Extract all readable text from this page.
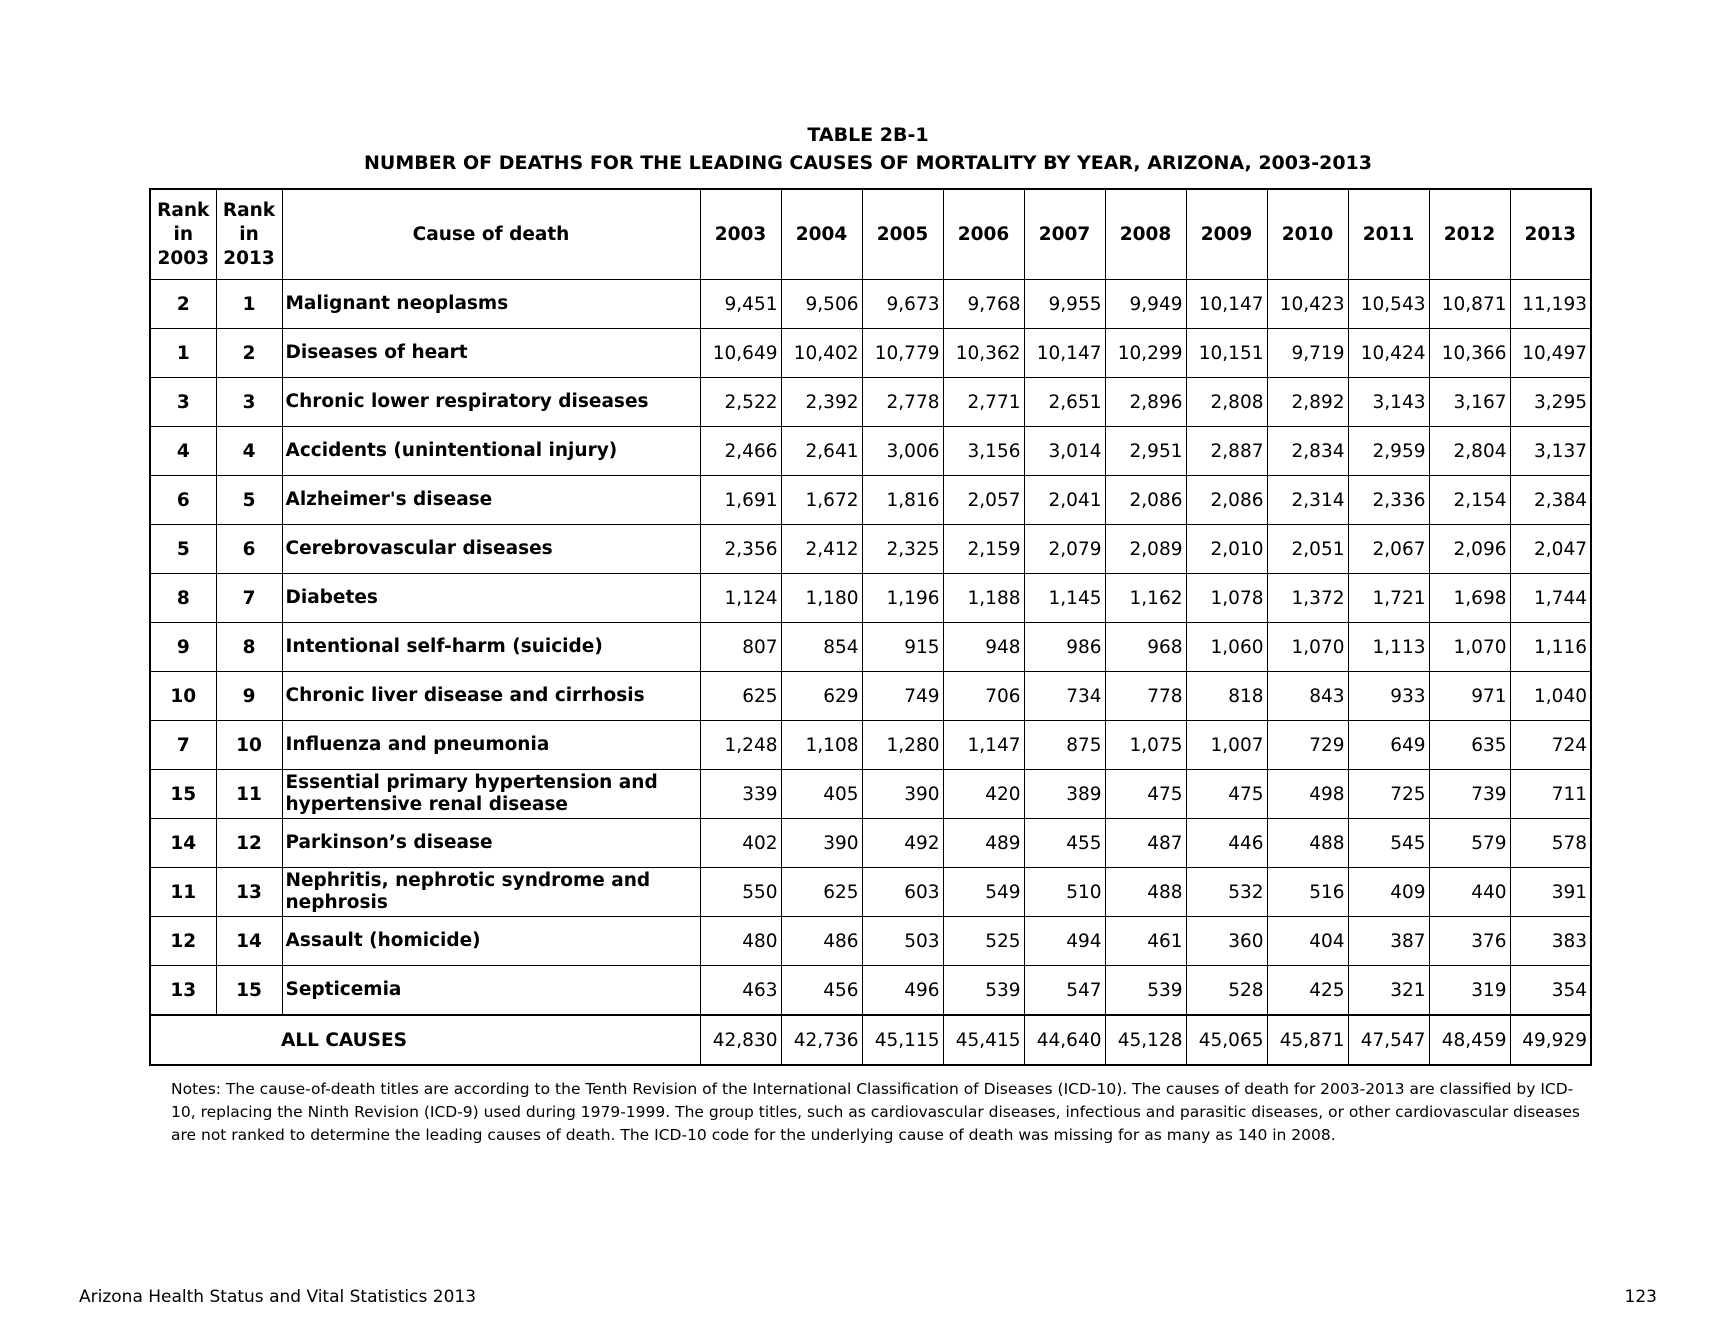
TABLE 2B-1
NUMBER OF DEATHS FOR THE LEADING CAUSES OF MORTALITY BY YEAR, ARIZONA, 2003-2013
Rank
in
2003	Rank
in
2013	Cause of death	2003	2004	2005	2006	2007	2008	2009	2010	2011	2012	2013
2	1	Malignant neoplasms	9,451	9,506	9,673	9,768	9,955	9,949	10,147	10,423	10,543	10,871	11,193
1	2	Diseases of heart	10,649	10,402	10,779	10,362	10,147	10,299	10,151	9,719	10,424	10,366	10,497
3	3	Chronic lower respiratory diseases	2,522	2,392	2,778	2,771	2,651	2,896	2,808	2,892	3,143	3,167	3,295
4	4	Accidents (unintentional injury)	2,466	2,641	3,006	3,156	3,014	2,951	2,887	2,834	2,959	2,804	3,137
6	5	Alzheimer's disease	1,691	1,672	1,816	2,057	2,041	2,086	2,086	2,314	2,336	2,154	2,384
5	6	Cerebrovascular diseases	2,356	2,412	2,325	2,159	2,079	2,089	2,010	2,051	2,067	2,096	2,047
8	7	Diabetes	1,124	1,180	1,196	1,188	1,145	1,162	1,078	1,372	1,721	1,698	1,744
9	8	Intentional self-harm (suicide)	807	854	915	948	986	968	1,060	1,070	1,113	1,070	1,116
10	9	Chronic liver disease and cirrhosis	625	629	749	706	734	778	818	843	933	971	1,040
7	10	Influenza and pneumonia	1,248	1,108	1,280	1,147	875	1,075	1,007	729	649	635	724
15	11	Essential primary hypertension and hypertensive renal disease	339	405	390	420	389	475	475	498	725	739	711
14	12	Parkinson’s disease	402	390	492	489	455	487	446	488	545	579	578
11	13	Nephritis, nephrotic syndrome and nephrosis	550	625	603	549	510	488	532	516	409	440	391
12	14	Assault (homicide)	480	486	503	525	494	461	360	404	387	376	383
13	15	Septicemia	463	456	496	539	547	539	528	425	321	319	354
ALL CAUSES			42,830	42,736	45,115	45,415	44,640	45,128	45,065	45,871	47,547	48,459	49,929

Notes: The cause-of-death titles are according to the Tenth Revision of the International Classification of Diseases (ICD-10). The causes of death for 2003-2013 are classified by ICD-10, replacing the Ninth Revision (ICD-9) used during 1979-1999. The group titles, such as cardiovascular diseases, infectious and parasitic diseases, or other cardiovascular diseases are not ranked to determine the leading causes of death. The ICD-10 code for the underlying cause of death was missing for as many as 140 in 2008.

Arizona Health Status and Vital Statistics 2013	123
